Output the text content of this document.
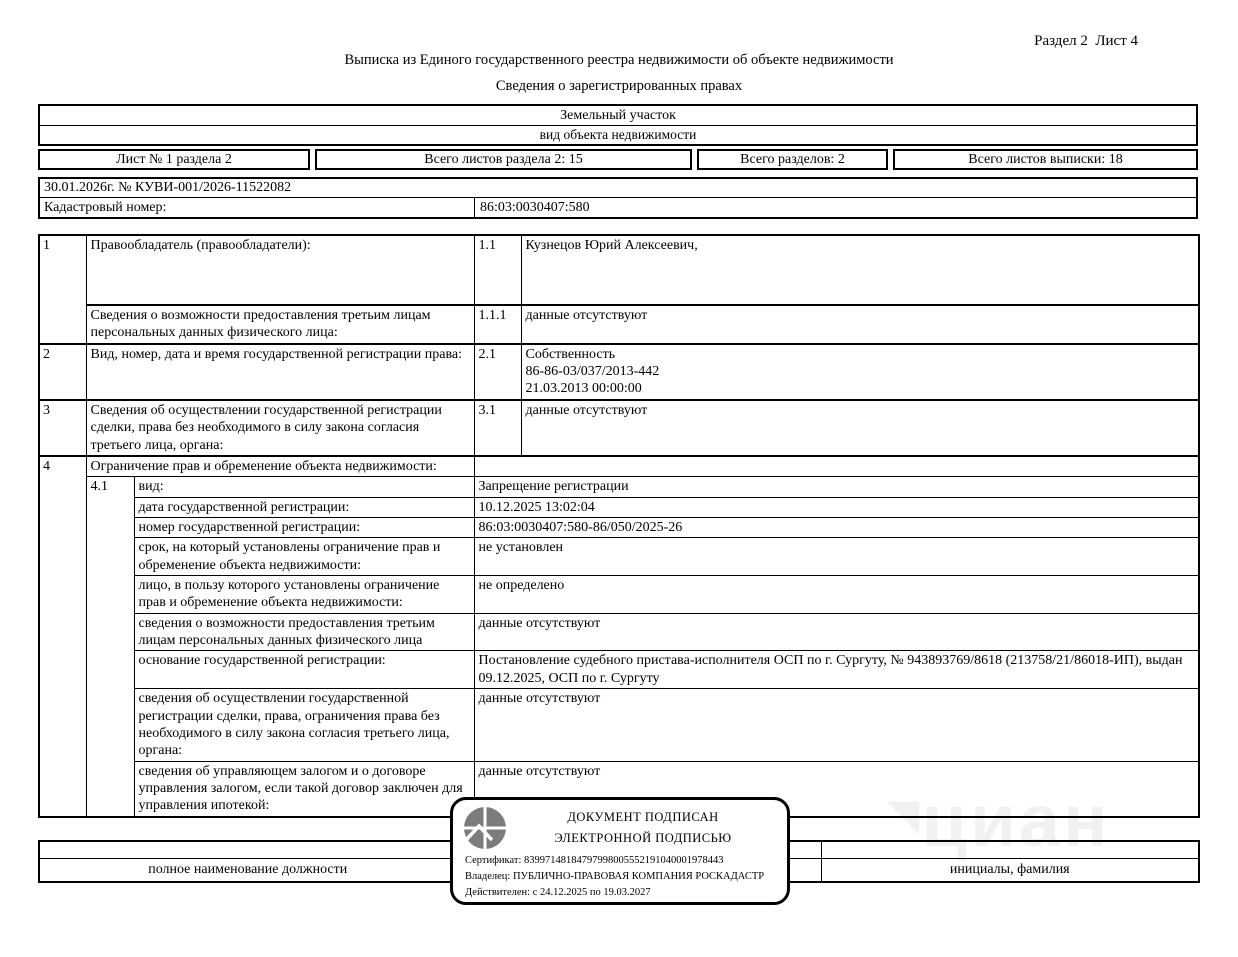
◥циан
Раздел 2  Лист 4
Выписка из Единого государственного реестра недвижимости об объекте недвижимости
Сведения о зарегистрированных правах
Земельный участок
вид объекта недвижимости
Лист № 1 раздела 2	Всего листов раздела 2: 15	Всего разделов: 2	Всего листов выписки: 18
30.01.2026г. № КУВИ-001/2026-11522082
Кадастровый номер:	86:03:0030407:580
1	Правообладатель (правообладатели):		1.1	Кузнецов Юрий Алексеевич,
	Сведения о возможности предоставления третьим лицам персональных данных физического лица:		1.1.1	данные отсутствуют
2	Вид, номер, дата и время государственной регистрации права:		2.1	Собственность
86-86-03/037/2013-442
21.03.2013 00:00:00

3	Сведения об осуществлении государственной регистрации сделки, права без необходимого в силу закона согласия третьего лица, органа:		3.1	данные отсутствуют
4	Ограничение прав и обременение объекта недвижимости:			
	4.1	вид:	Запрещение регистрации	
		дата государственной регистрации:	10.12.2025 13:02:04	
		номер государственной регистрации:	86:03:0030407:580-86/050/2025-26	
		срок, на который установлены ограничение прав и обременение объекта недвижимости:	не установлен	
		лицо, в пользу которого установлены ограничение прав и обременение объекта недвижимости:	не определено	
		сведения о возможности предоставления третьим лицам персональных данных физического лица	данные отсутствуют	
		основание государственной регистрации:	Постановление судебного пристава-исполнителя ОСП по г. Сургуту, № 943893769/8618 (213758/21/86018-ИП), выдан 09.12.2025, ОСП по г. Сургуту	
		сведения об осуществлении государственной регистрации сделки, права, ограничения права без необходимого в силу закона согласия третьего лица, органа:	данные отсутствуют	
		сведения об управляющем залогом и о договоре управления залогом, если такой договор заключен для управления ипотекой:	данные отсутствуют	

полное наименование должности		инициалы, фамилия
ДОКУМЕНТ ПОДПИСАН
ЭЛЕКТРОННОЙ ПОДПИСЬЮ
Сертификат: 83997148184797998005552191040001978443
Владелец: ПУБЛИЧНО-ПРАВОВАЯ КОМПАНИЯ РОСКАДАСТР
Действителен: с 24.12.2025 по 19.03.2027
